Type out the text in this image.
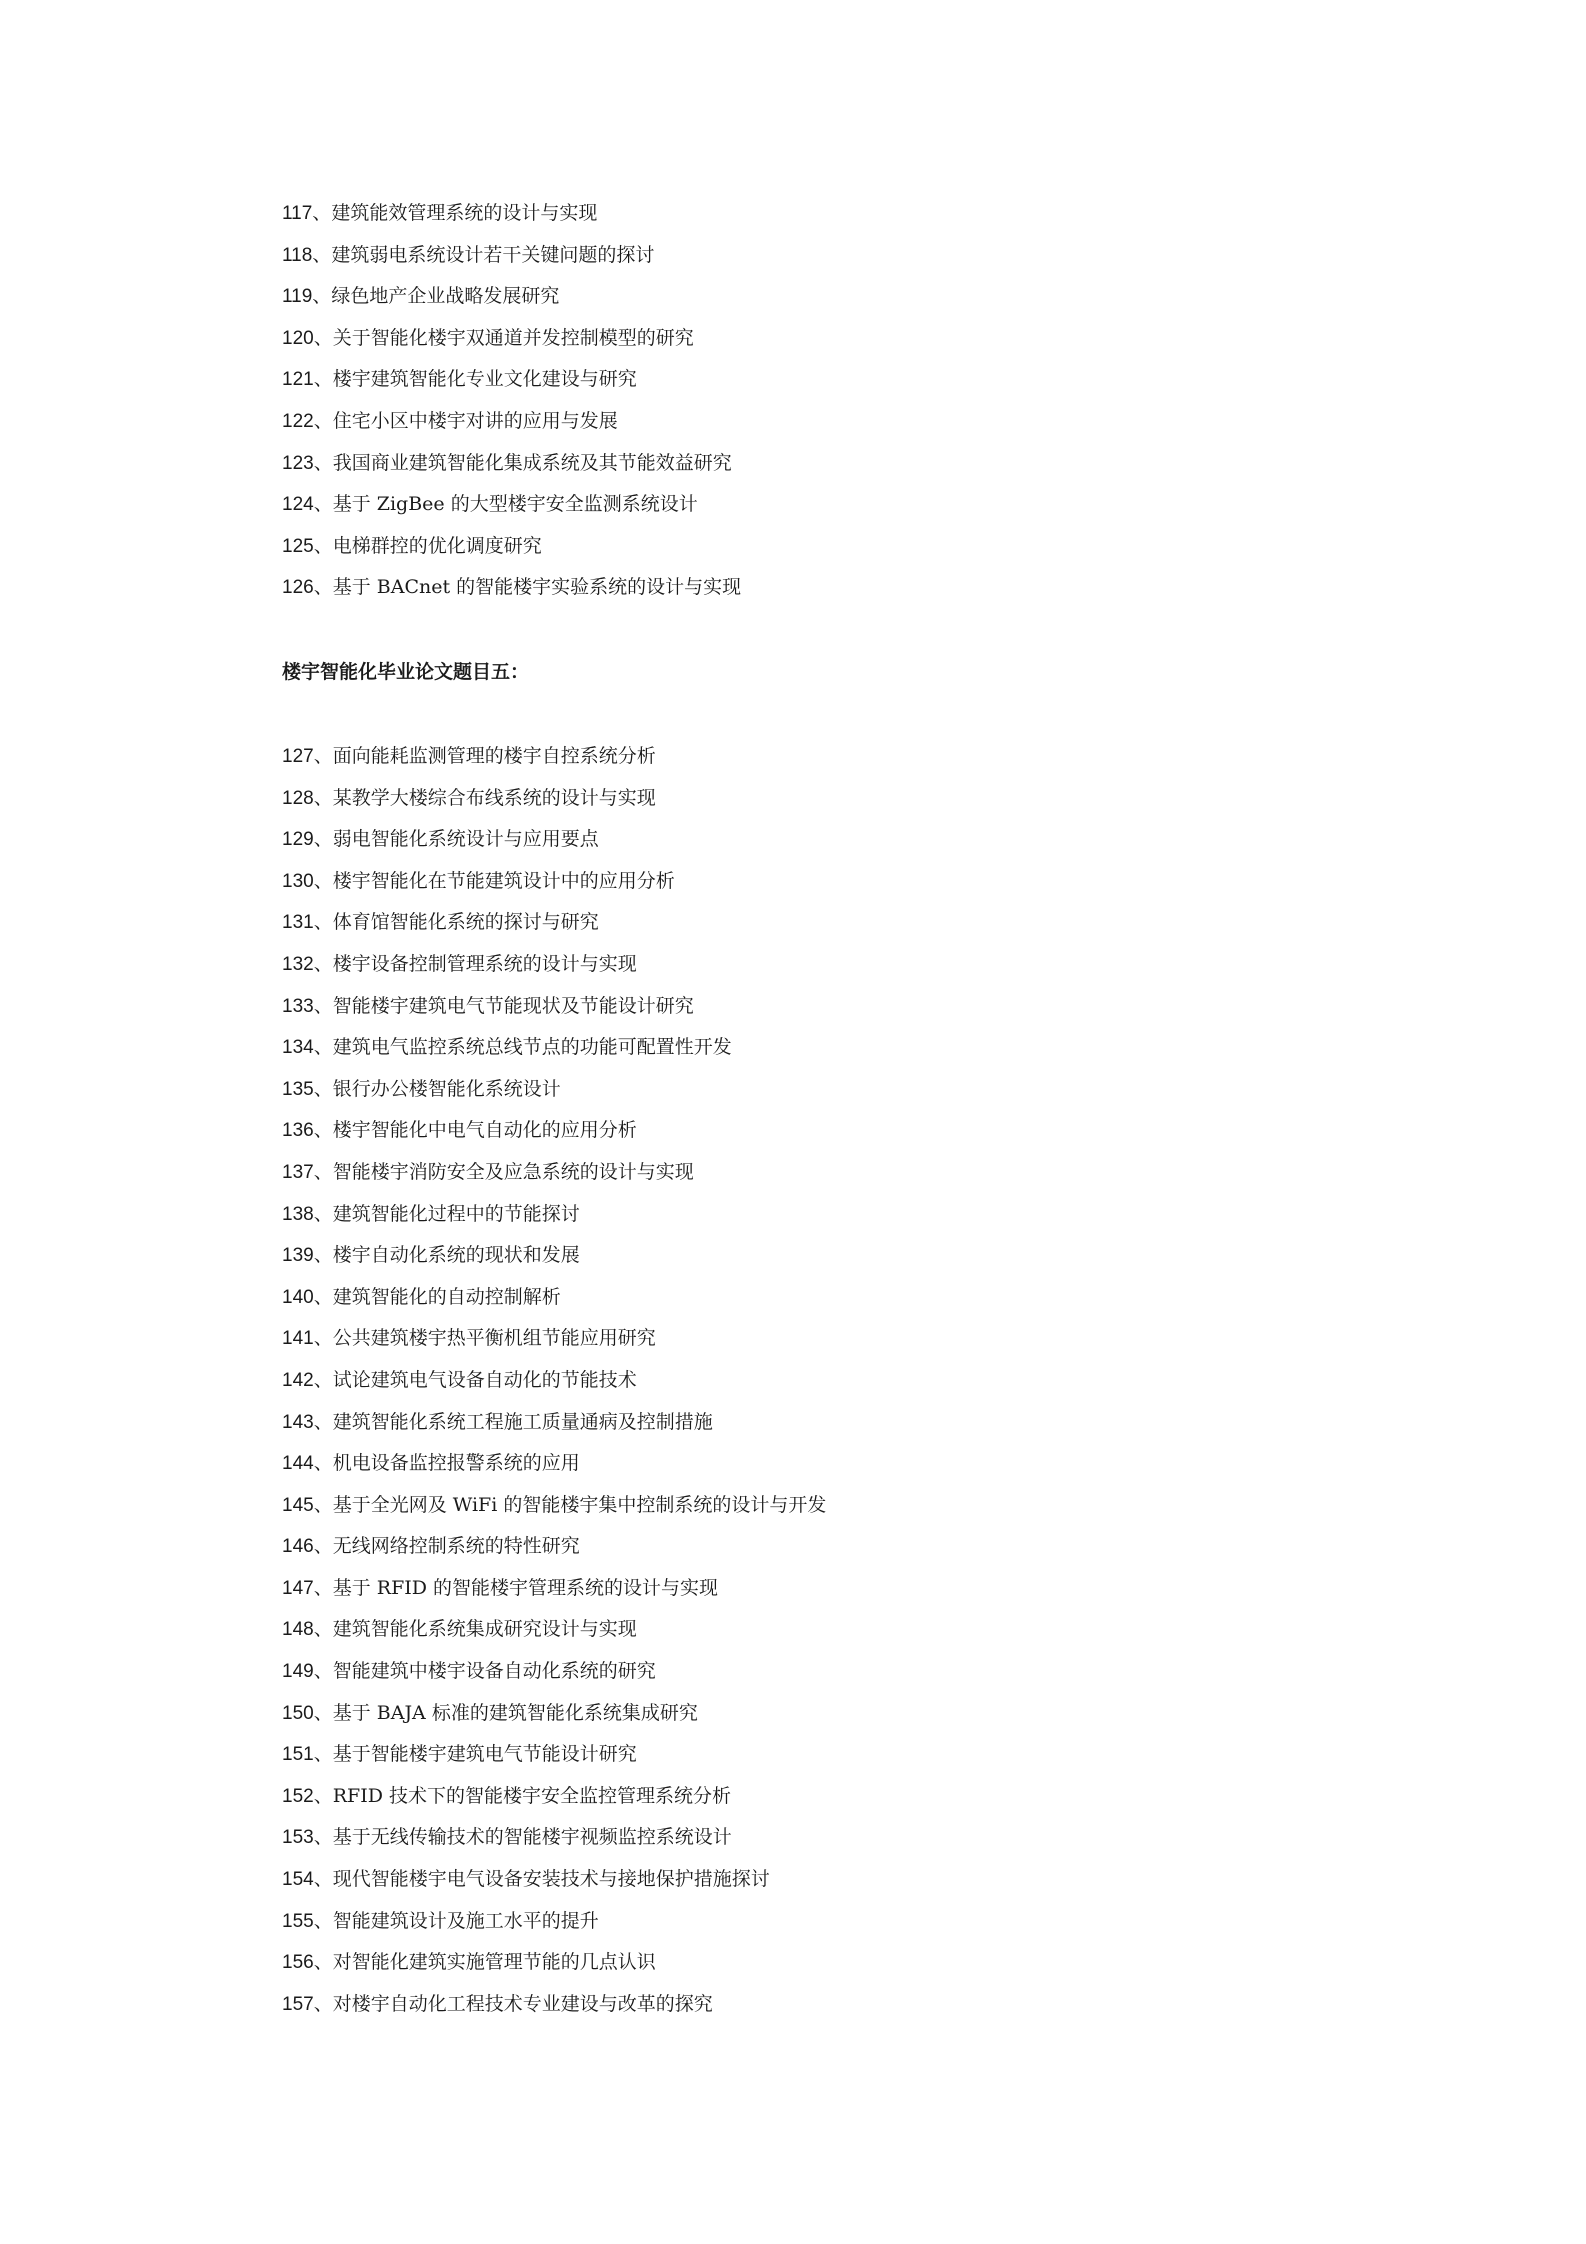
117、建筑能效管理系统的设计与实现
118、建筑弱电系统设计若干关键问题的探讨
119、绿色地产企业战略发展研究
120、关于智能化楼宇双通道并发控制模型的研究
121、楼宇建筑智能化专业文化建设与研究
122、住宅小区中楼宇对讲的应用与发展
123、我国商业建筑智能化集成系统及其节能效益研究
124、基于 ZigBee 的大型楼宇安全监测系统设计
125、电梯群控的优化调度研究
126、基于 BACnet 的智能楼宇实验系统的设计与实现
楼宇智能化毕业论文题目五：
127、面向能耗监测管理的楼宇自控系统分析
128、某教学大楼综合布线系统的设计与实现
129、弱电智能化系统设计与应用要点
130、楼宇智能化在节能建筑设计中的应用分析
131、体育馆智能化系统的探讨与研究
132、楼宇设备控制管理系统的设计与实现
133、智能楼宇建筑电气节能现状及节能设计研究
134、建筑电气监控系统总线节点的功能可配置性开发
135、银行办公楼智能化系统设计
136、楼宇智能化中电气自动化的应用分析
137、智能楼宇消防安全及应急系统的设计与实现
138、建筑智能化过程中的节能探讨
139、楼宇自动化系统的现状和发展
140、建筑智能化的自动控制解析
141、公共建筑楼宇热平衡机组节能应用研究
142、试论建筑电气设备自动化的节能技术
143、建筑智能化系统工程施工质量通病及控制措施
144、机电设备监控报警系统的应用
145、基于全光网及 WiFi 的智能楼宇集中控制系统的设计与开发
146、无线网络控制系统的特性研究
147、基于 RFID 的智能楼宇管理系统的设计与实现
148、建筑智能化系统集成研究设计与实现
149、智能建筑中楼宇设备自动化系统的研究
150、基于 BAJA 标准的建筑智能化系统集成研究
151、基于智能楼宇建筑电气节能设计研究
152、RFID 技术下的智能楼宇安全监控管理系统分析
153、基于无线传输技术的智能楼宇视频监控系统设计
154、现代智能楼宇电气设备安装技术与接地保护措施探讨
155、智能建筑设计及施工水平的提升
156、对智能化建筑实施管理节能的几点认识
157、对楼宇自动化工程技术专业建设与改革的探究
